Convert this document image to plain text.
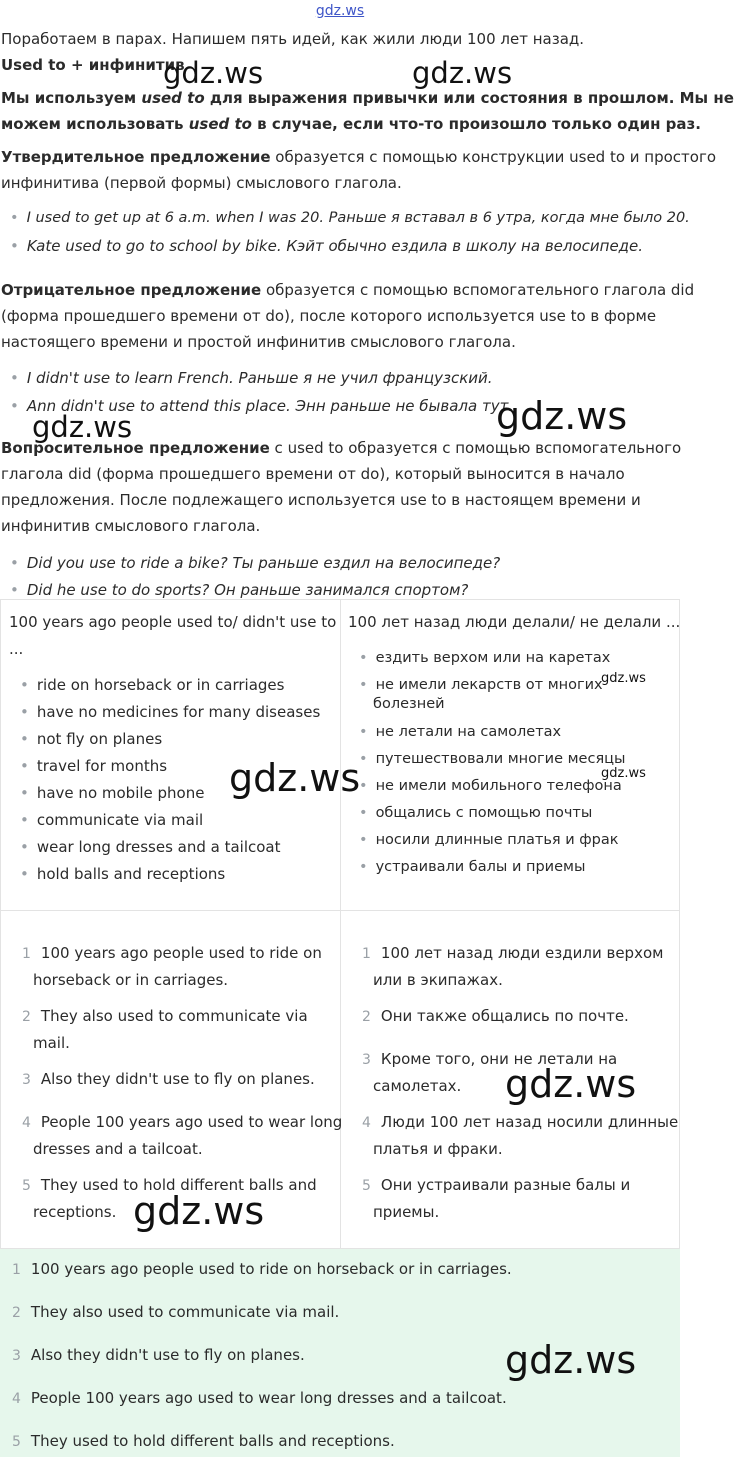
gdz.ws
Поработаем в парах. Напишем пять идей, как жили люди 100 лет назад.
Used to + инфинитив
Мы используем used to для выражения привычки или состояния в прошлом. Мы не
можем использовать used to в случае, если что-то произошло только один раз.
Утвердительное предложение образуется с помощью конструкции used to и простого
инфинитива (первой формы) смыслового глагола.
• I used to get up at 6 a.m. when I was 20. Раньше я вставал в 6 утра, когда мне было 20.
• Kate used to go to school by bike. Кэйт обычно ездила в школу на велосипеде.
Отрицательное предложение образуется с помощью вспомогательного глагола did
(форма прошедшего времени от do), после которого используется use to в форме
настоящего времени и простой инфинитив смыслового глагола.
• I didn't use to learn French. Раньше я не учил французский.
• Ann didn't use to attend this place. Энн раньше не бывала тут.
Вопросительное предложение с used to образуется с помощью вспомогательного
глагола did (форма прошедшего времени от do), который выносится в начало
предложения. После подлежащего используется use to в настоящем времени и
инфинитив смыслового глагола.
• Did you use to ride a bike? Ты раньше ездил на велосипеде?
• Did he use to do sports? Он раньше занимался спортом?
100 years ago people used to/ didn't use to
...
100 лет назад люди делали/ не делали ...
• ride on horseback or in carriages
• have no medicines for many diseases
• not fly on planes
• travel for months
• have no mobile phone
• communicate via mail
• wear long dresses and a tailcoat
• hold balls and receptions
• ездить верхом или на каретах
• не имели лекарств от многих
болезней
• не летали на самолетах
• путешествовали многие месяцы
• не имели мобильного телефона
• общались с помощью почты
• носили длинные платья и фрак
• устраивали балы и приемы
1 100 years ago people used to ride on
horseback or in carriages.
2 They also used to communicate via
mail.
3 Also they didn't use to fly on planes.
4 People 100 years ago used to wear long
dresses and a tailcoat.
5 They used to hold different balls and
receptions.
1 100 лет назад люди ездили верхом
или в экипажах.
2 Они также общались по почте.
3 Кроме того, они не летали на
самолетах.
4 Люди 100 лет назад носили длинные
платья и фраки.
5 Они устраивали разные балы и
приемы.
1 100 years ago people used to ride on horseback or in carriages.
2 They also used to communicate via mail.
3 Also they didn't use to fly on planes.
4 People 100 years ago used to wear long dresses and a tailcoat.
5 They used to hold different balls and receptions.
gdz.ws	gdz.ws
gdz.ws	gdz.ws
gdz.ws
gdz.ws
gdz.ws
gdz.ws
gdz.ws
gdz.ws
